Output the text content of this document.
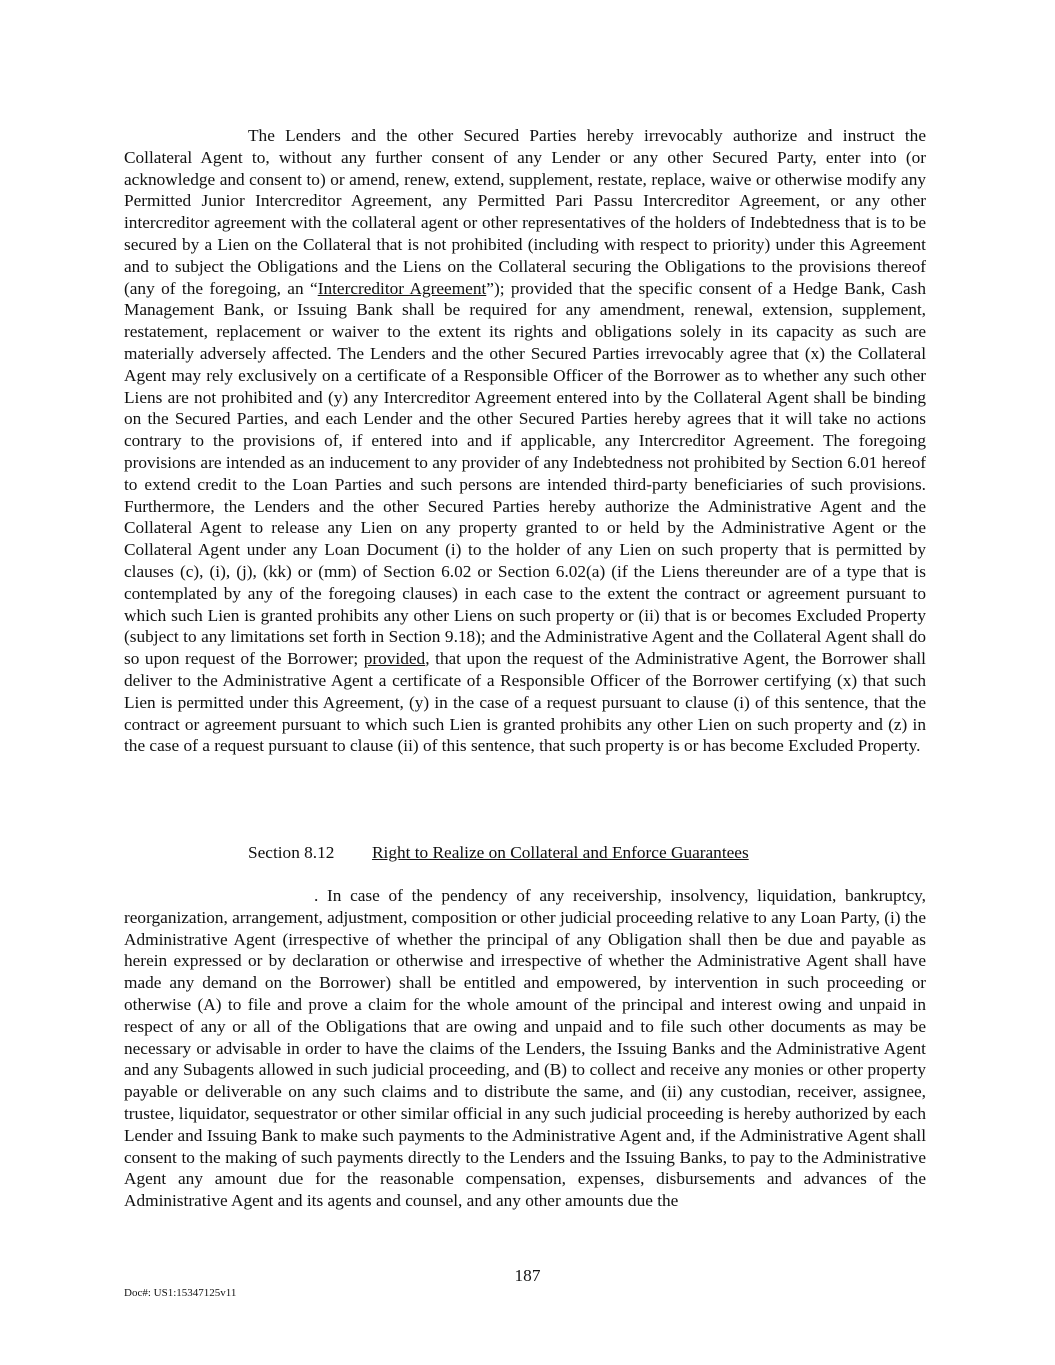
The Lenders and the other Secured Parties hereby irrevocably authorize and instruct the Collateral Agent to, without any further consent of any Lender or any other Secured Party, enter into (or acknowledge and consent to) or amend, renew, extend, supplement, restate, replace, waive or otherwise modify any Permitted Junior Intercreditor Agreement, any Permitted Pari Passu Intercreditor Agreement, or any other intercreditor agreement with the collateral agent or other representatives of the holders of Indebtedness that is to be secured by a Lien on the Collateral that is not prohibited (including with respect to priority) under this Agreement and to subject the Obligations and the Liens on the Collateral securing the Obligations to the provisions thereof (any of the foregoing, an “Intercreditor Agreement”); provided that the specific consent of a Hedge Bank, Cash Management Bank, or Issuing Bank shall be required for any amendment, renewal, extension, supplement, restatement, replacement or waiver to the extent its rights and obligations solely in its capacity as such are materially adversely affected. The Lenders and the other Secured Parties irrevocably agree that (x) the Collateral Agent may rely exclusively on a certificate of a Responsible Officer of the Borrower as to whether any such other Liens are not prohibited and (y) any Intercreditor Agreement entered into by the Collateral Agent shall be binding on the Secured Parties, and each Lender and the other Secured Parties hereby agrees that it will take no actions contrary to the provisions of, if entered into and if applicable, any Intercreditor Agreement. The foregoing provisions are intended as an inducement to any provider of any Indebtedness not prohibited by Section 6.01 hereof to extend credit to the Loan Parties and such persons are intended third-party beneficiaries of such provisions. Furthermore, the Lenders and the other Secured Parties hereby authorize the Administrative Agent and the Collateral Agent to release any Lien on any property granted to or held by the Administrative Agent or the Collateral Agent under any Loan Document (i) to the holder of any Lien on such property that is permitted by clauses (c), (i), (j), (kk) or (mm) of Section 6.02 or Section 6.02(a) (if the Liens thereunder are of a type that is contemplated by any of the foregoing clauses) in each case to the extent the contract or agreement pursuant to which such Lien is granted prohibits any other Liens on such property or (ii) that is or becomes Excluded Property (subject to any limitations set forth in Section 9.18); and the Administrative Agent and the Collateral Agent shall do so upon request of the Borrower; provided, that upon the request of the Administrative Agent, the Borrower shall deliver to the Administrative Agent a certificate of a Responsible Officer of the Borrower certifying (x) that such Lien is permitted under this Agreement, (y) in the case of a request pursuant to clause (i) of this sentence, that the contract or agreement pursuant to which such Lien is granted prohibits any other Lien on such property and (z) in the case of a request pursuant to clause (ii) of this sentence, that such property is or has become Excluded Property.

Section 8.12 Right to Realize on Collateral and Enforce Guarantees

. In case of the pendency of any receivership, insolvency, liquidation, bankruptcy, reorganization, arrangement, adjustment, composition or other judicial proceeding relative to any Loan Party, (i) the Administrative Agent (irrespective of whether the principal of any Obligation shall then be due and payable as herein expressed or by declaration or otherwise and irrespective of whether the Administrative Agent shall have made any demand on the Borrower) shall be entitled and empowered, by intervention in such proceeding or otherwise (A) to file and prove a claim for the whole amount of the principal and interest owing and unpaid in respect of any or all of the Obligations that are owing and unpaid and to file such other documents as may be necessary or advisable in order to have the claims of the Lenders, the Issuing Banks and the Administrative Agent and any Subagents allowed in such judicial proceeding, and (B) to collect and receive any monies or other property payable or deliverable on any such claims and to distribute the same, and (ii) any custodian, receiver, assignee, trustee, liquidator, sequestrator or other similar official in any such judicial proceeding is hereby authorized by each Lender and Issuing Bank to make such payments to the Administrative Agent and, if the Administrative Agent shall consent to the making of such payments directly to the Lenders and the Issuing Banks, to pay to the Administrative Agent any amount due for the reasonable compensation, expenses, disbursements and advances of the Administrative Agent and its agents and counsel, and any other amounts due the

187
Doc#: US1:15347125v11
